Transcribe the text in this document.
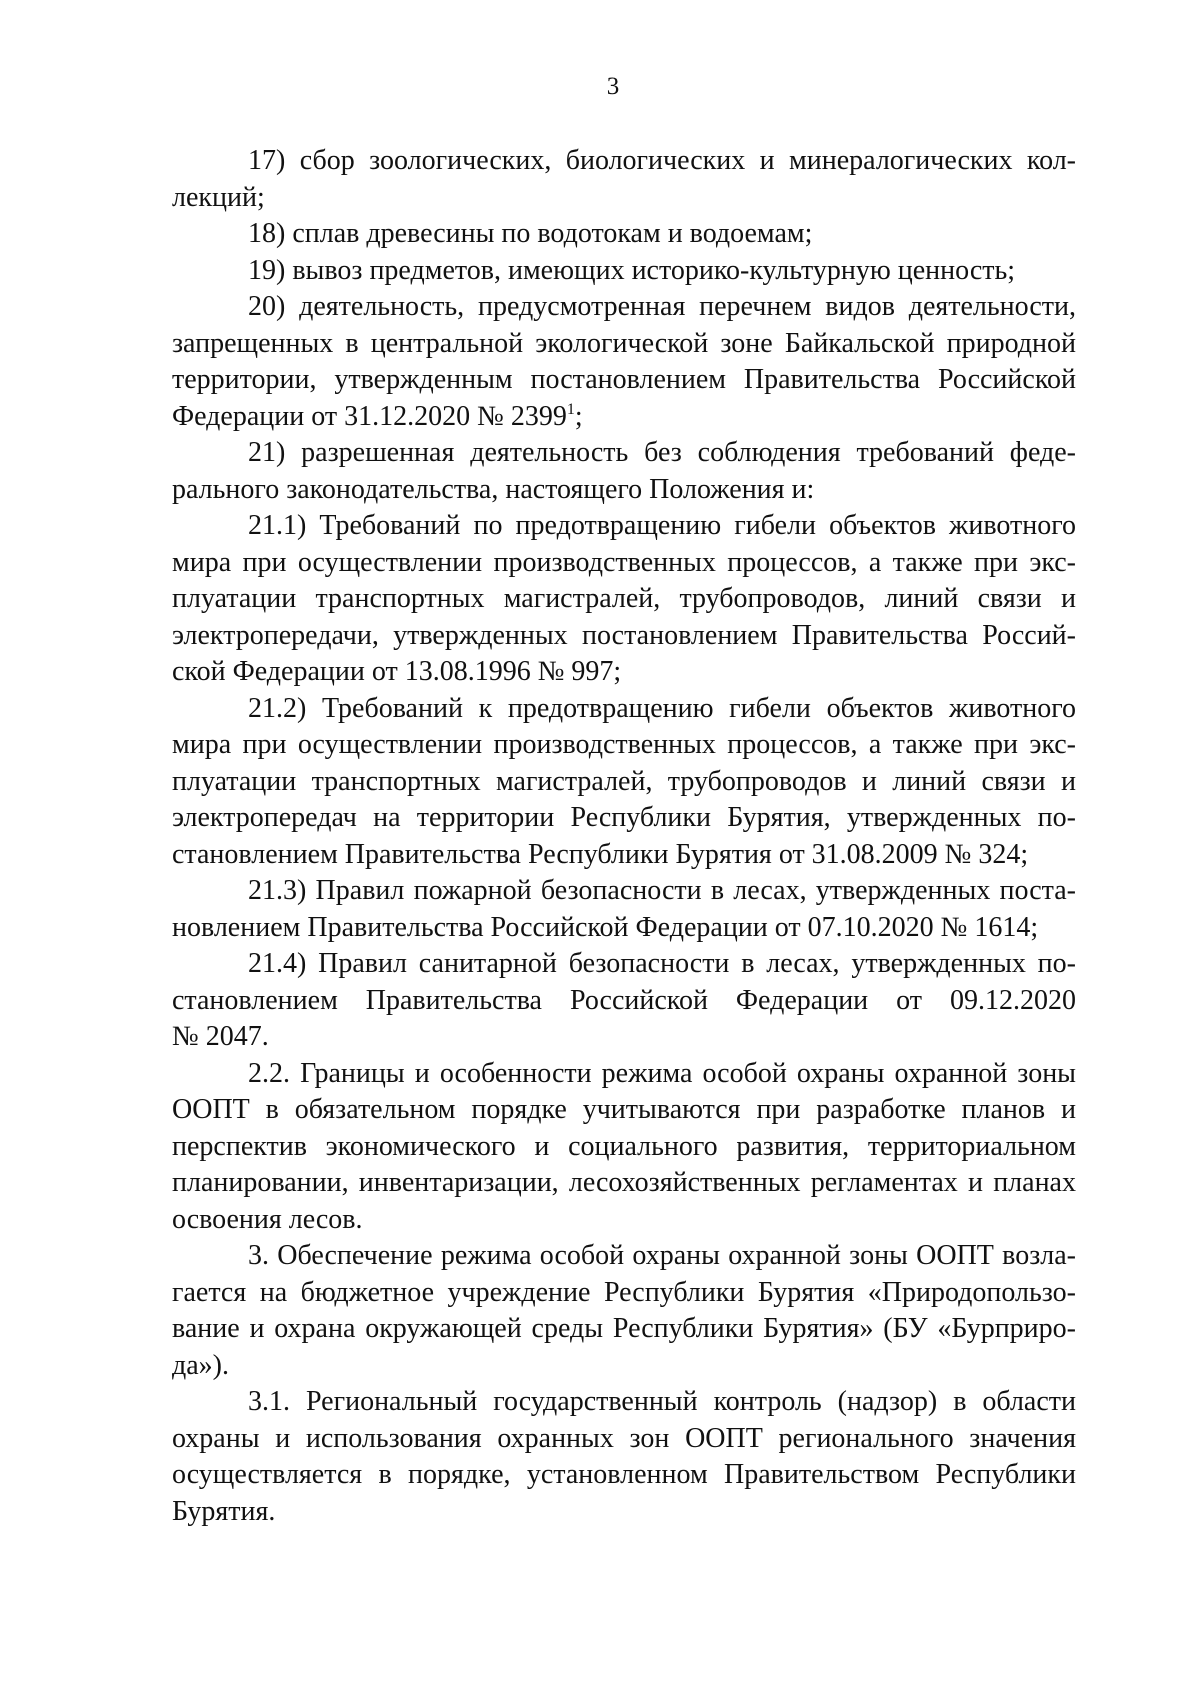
3

17) сбор зоологических, биологических и минералогических кол-
лекций;

18) сплав древесины по водотокам и водоемам;

19) вывоз предметов, имеющих историко-культурную ценность;

20) деятельность, предусмотренная перечнем видов деятельности,
запрещенных в центральной экологической зоне Байкальской природной
территории, утвержденным постановлением Правительства Российской
Федерации от 31.12.2020 № 2399$^1$;

21) разрешенная деятельность без соблюдения требований феде-
рального законодательства, настоящего Положения и:

21.1) Требований по предотвращению гибели объектов животного
мира при осуществлении производственных процессов, а также при экс-
плуатации транспортных магистралей, трубопроводов, линий связи и
электропередачи, утвержденных постановлением Правительства Россий-
ской Федерации от 13.08.1996 № 997;

21.2) Требований к предотвращению гибели объектов животного
мира при осуществлении производственных процессов, а также при экс-
плуатации транспортных магистралей, трубопроводов и линий связи и
электропередач на территории Республики Бурятия, утвержденных по-
становлением Правительства Республики Бурятия от 31.08.2009 № 324;

21.3) Правил пожарной безопасности в лесах, утвержденных поста-
новлением Правительства Российской Федерации от 07.10.2020 № 1614;

21.4) Правил санитарной безопасности в лесах, утвержденных по-
становлением Правительства Российской Федерации от 09.12.2020
№ 2047.

2.2. Границы и особенности режима особой охраны охранной зоны
ООПТ в обязательном порядке учитываются при разработке планов и
перспектив экономического и социального развития, территориальном
планировании, инвентаризации, лесохозяйственных регламентах и планах
освоения лесов.

3. Обеспечение режима особой охраны охранной зоны ООПТ возла-
гается на бюджетное учреждение Республики Бурятия «Природопользо-
вание и охрана окружающей среды Республики Бурятия» (БУ «Бурприро-
да»).

3.1. Региональный государственный контроль (надзор) в области
охраны и использования охранных зон ООПТ регионального значения
осуществляется в порядке, установленном Правительством Республики
Бурятия.
